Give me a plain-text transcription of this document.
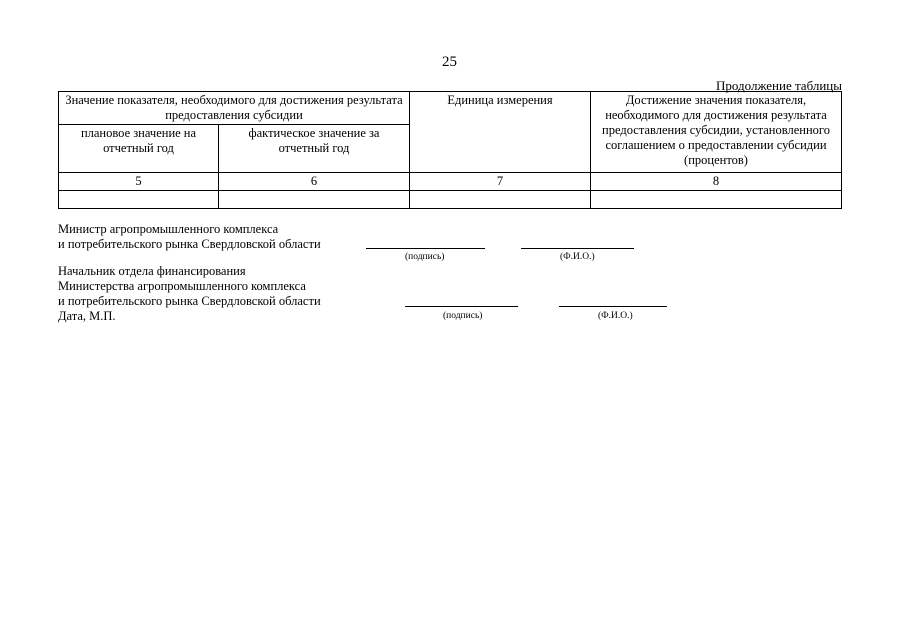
25
Продолжение таблицы
Значение показателя, необходимого для достижения результата предоставления субсидии		Единица измерения	Достижение значения показателя, необходимого для достижения результата предоставления субсидии, установленного соглашением о предоставлении субсидии (процентов)
плановое значение на отчетный год	фактическое значение за отчетный год		
5	6	7	8

Министр агропромышленного комплекса
и потребительского рынка Свердловской области
(подпись)	(Ф.И.О.)
Начальник отдела финансирования
Министерства агропромышленного комплекса
и потребительского рынка Свердловской области
Дата, М.П.	(подпись)	(Ф.И.О.)
